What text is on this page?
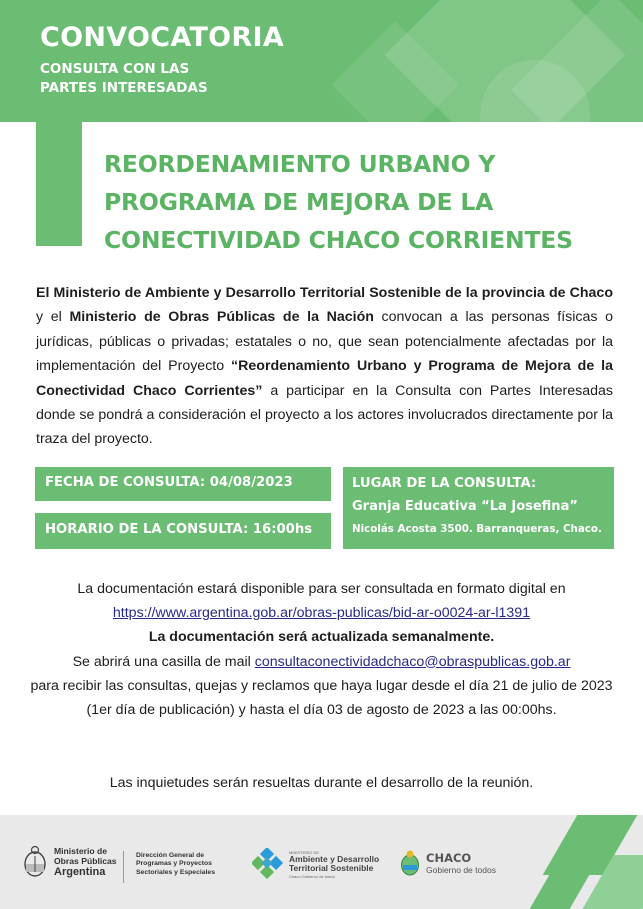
CONVOCATORIA
CONSULTA CON LAS
PARTES INTERESADAS
REORDENAMIENTO URBANO Y
PROGRAMA DE MEJORA DE LA
CONECTIVIDAD CHACO CORRIENTES
El Ministerio de Ambiente y Desarrollo Territorial Sostenible de la provincia de Chaco y el Ministerio de Obras Públicas de la Nación convocan a las personas físicas o jurídicas, públicas o privadas; estatales o no, que sean potencialmente afectadas por la implementación del Proyecto “Reordenamiento Urbano y Programa de Mejora de la Conectividad Chaco Corrientes” a participar en la Consulta con Partes Interesadas donde se pondrá a consideración el proyecto a los actores involucrados directamente por la traza del proyecto.
FECHA DE CONSULTA: 04/08/2023
HORARIO DE LA CONSULTA: 16:00hs
LUGAR DE LA CONSULTA:
Granja Educativa “La Josefina”
Nicolás Acosta 3500. Barranqueras, Chaco.
La documentación estará disponible para ser consultada en formato digital en
https://www.argentina.gob.ar/obras-publicas/bid-ar-o0024-ar-l1391
La documentación será actualizada semanalmente.
Se abrirá una casilla de mail consultaconectividadchaco@obraspublicas.gob.ar
para recibir las consultas, quejas y reclamos que haya lugar desde el día 21 de julio de 2023
(1er día de publicación) y hasta el día 03 de agosto de 2023 a las 00:00hs.
Las inquietudes serán resueltas durante el desarrollo de la reunión.
Ministerio de
Obras Públicas
Argentina
Dirección General de
Programas y Proyectos
Sectoriales y Especiales
MINISTERIO DE
Ambiente y Desarrollo
Territorial Sostenible
Chaco Gobierno de todos
CHACO
Gobierno de todos
